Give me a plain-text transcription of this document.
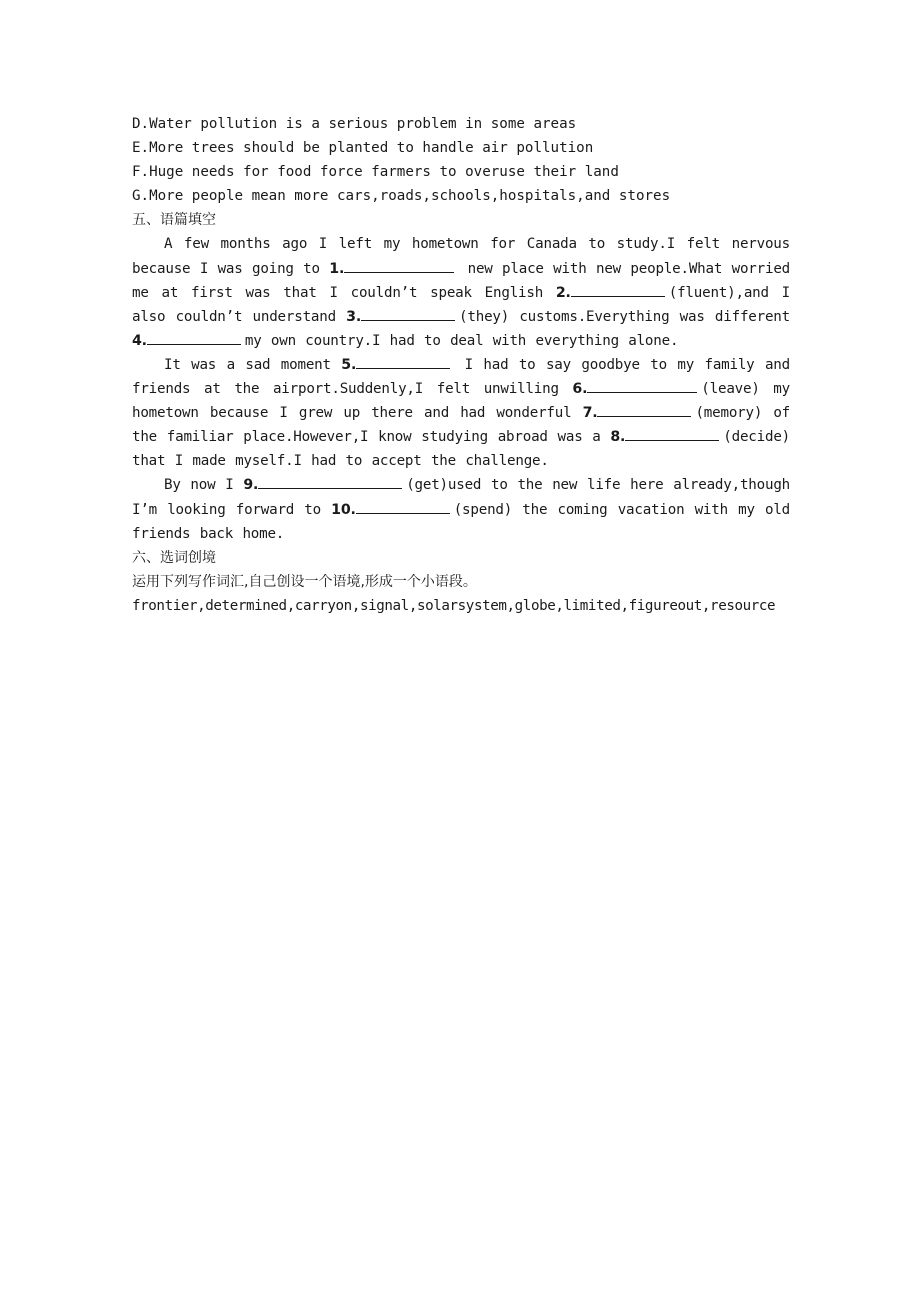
D.Water pollution is a serious problem in some areas
E.More trees should be planted to handle air pollution
F.Huge needs for food force farmers to overuse their land
G.More people mean more cars,roads,schools,hospitals,and stores
五、语篇填空
A few months ago I left my hometown for Canada to study.I felt nervous because I was going to 1.	new place with new people.What worried me at first was that I couldn’t speak English 2.	(fluent),and I also couldn’t understand 3.	(they) customs.Everything was different 4.	my own country.I had to deal with everything alone.
It was a sad moment 5.	I had to say goodbye to my family and friends at the airport.Suddenly,I felt unwilling 6.	(leave) my hometown because I grew up there and had wonderful 7.	(memory) of the familiar place.However,I know studying abroad was a 8.	(decide) that I made myself.I had to accept the challenge.
By now I 9.	(get)used to the new life here already,though I’m looking forward to 10.	(spend) the coming vacation with my old friends back home.
六、选词创境
运用下列写作词汇,自己创设一个语境,形成一个小语段。
frontier,determined,carryon,signal,solarsystem,globe,limited,figureout,resource
